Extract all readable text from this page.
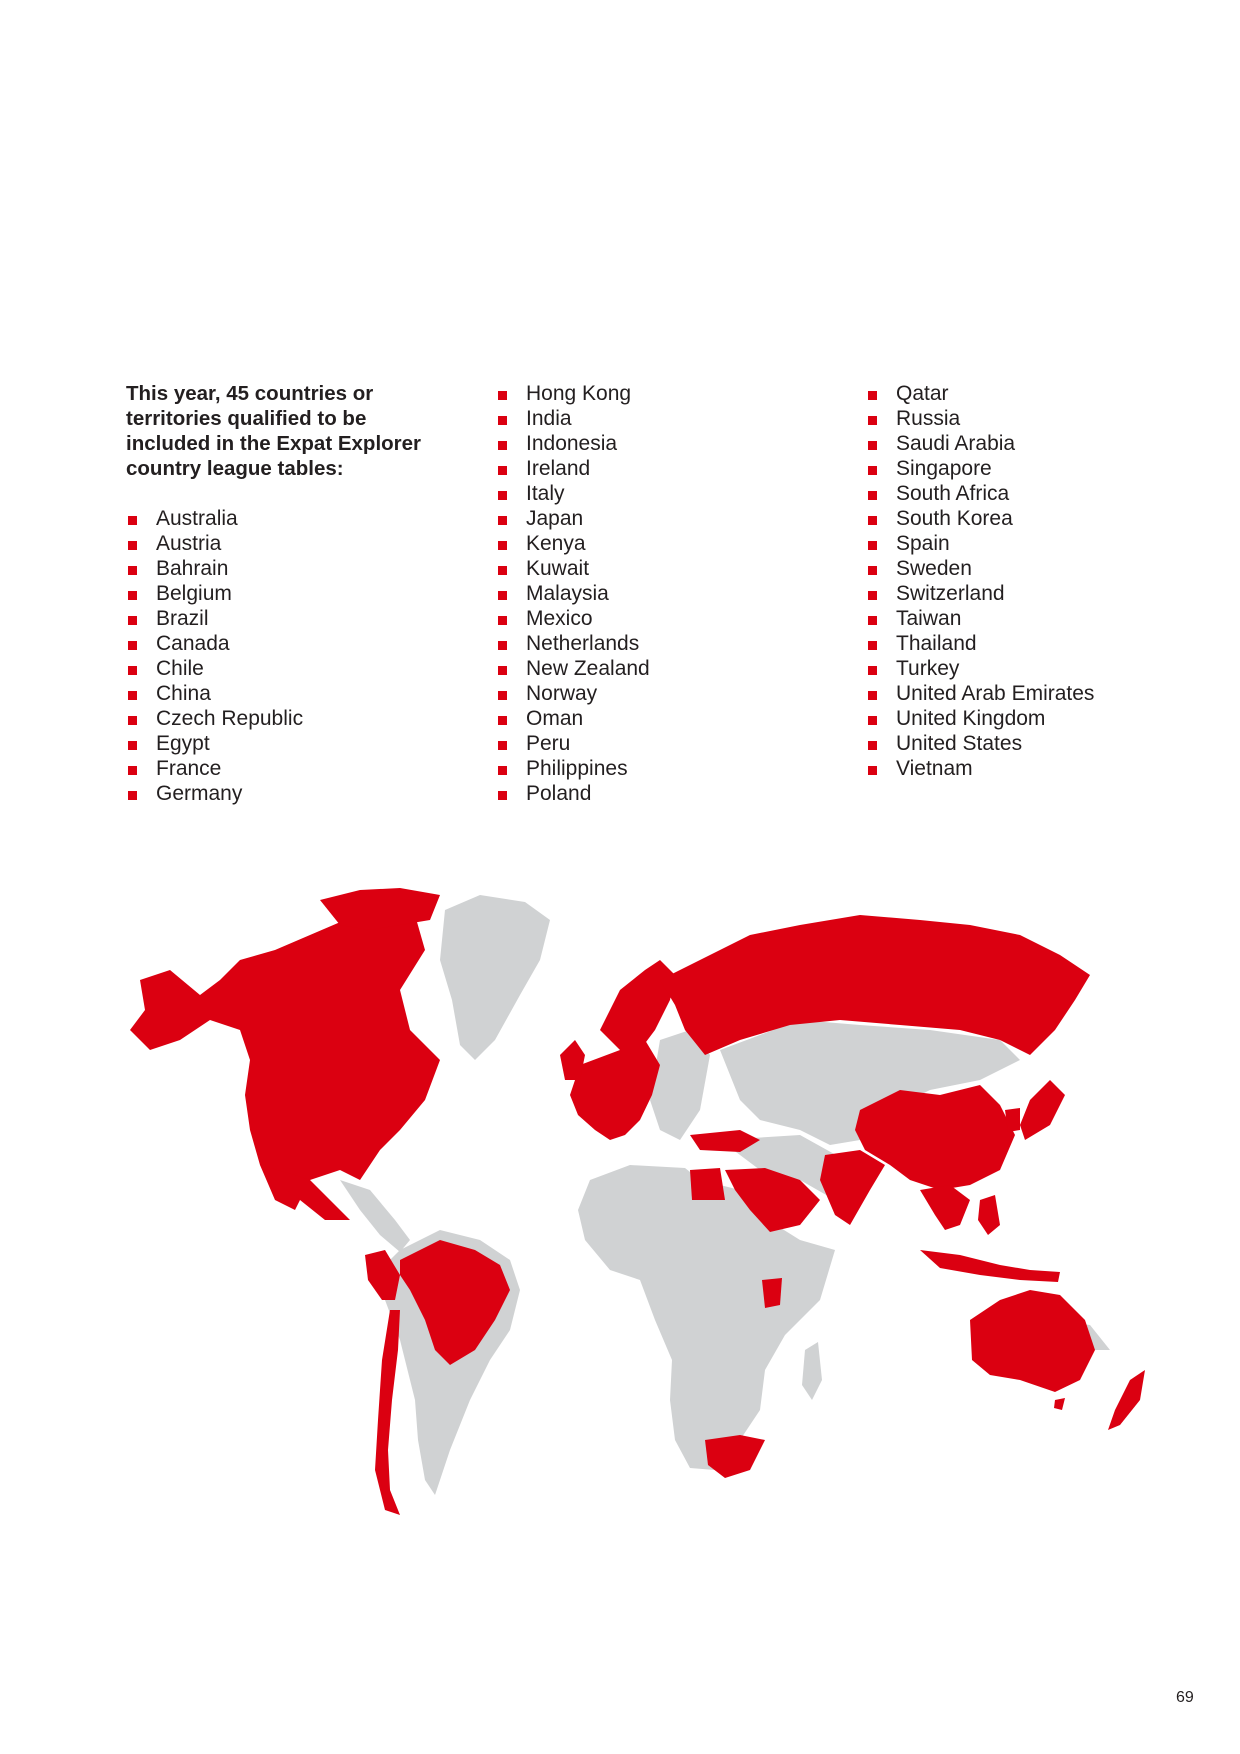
This year, 45 countries or territories qualified to be included in the Expat Explorer country league tables:

Australia
Austria
Bahrain
Belgium
Brazil
Canada
Chile
China
Czech Republic
Egypt
France
Germany
Hong Kong
India
Indonesia
Ireland
Italy
Japan
Kenya
Kuwait
Malaysia
Mexico
Netherlands
New Zealand
Norway
Oman
Peru
Philippines
Poland
Qatar
Russia
Saudi Arabia
Singapore
South Africa
South Korea
Spain
Sweden
Switzerland
Taiwan
Thailand
Turkey
United Arab Emirates
United Kingdom
United States
Vietnam
69
